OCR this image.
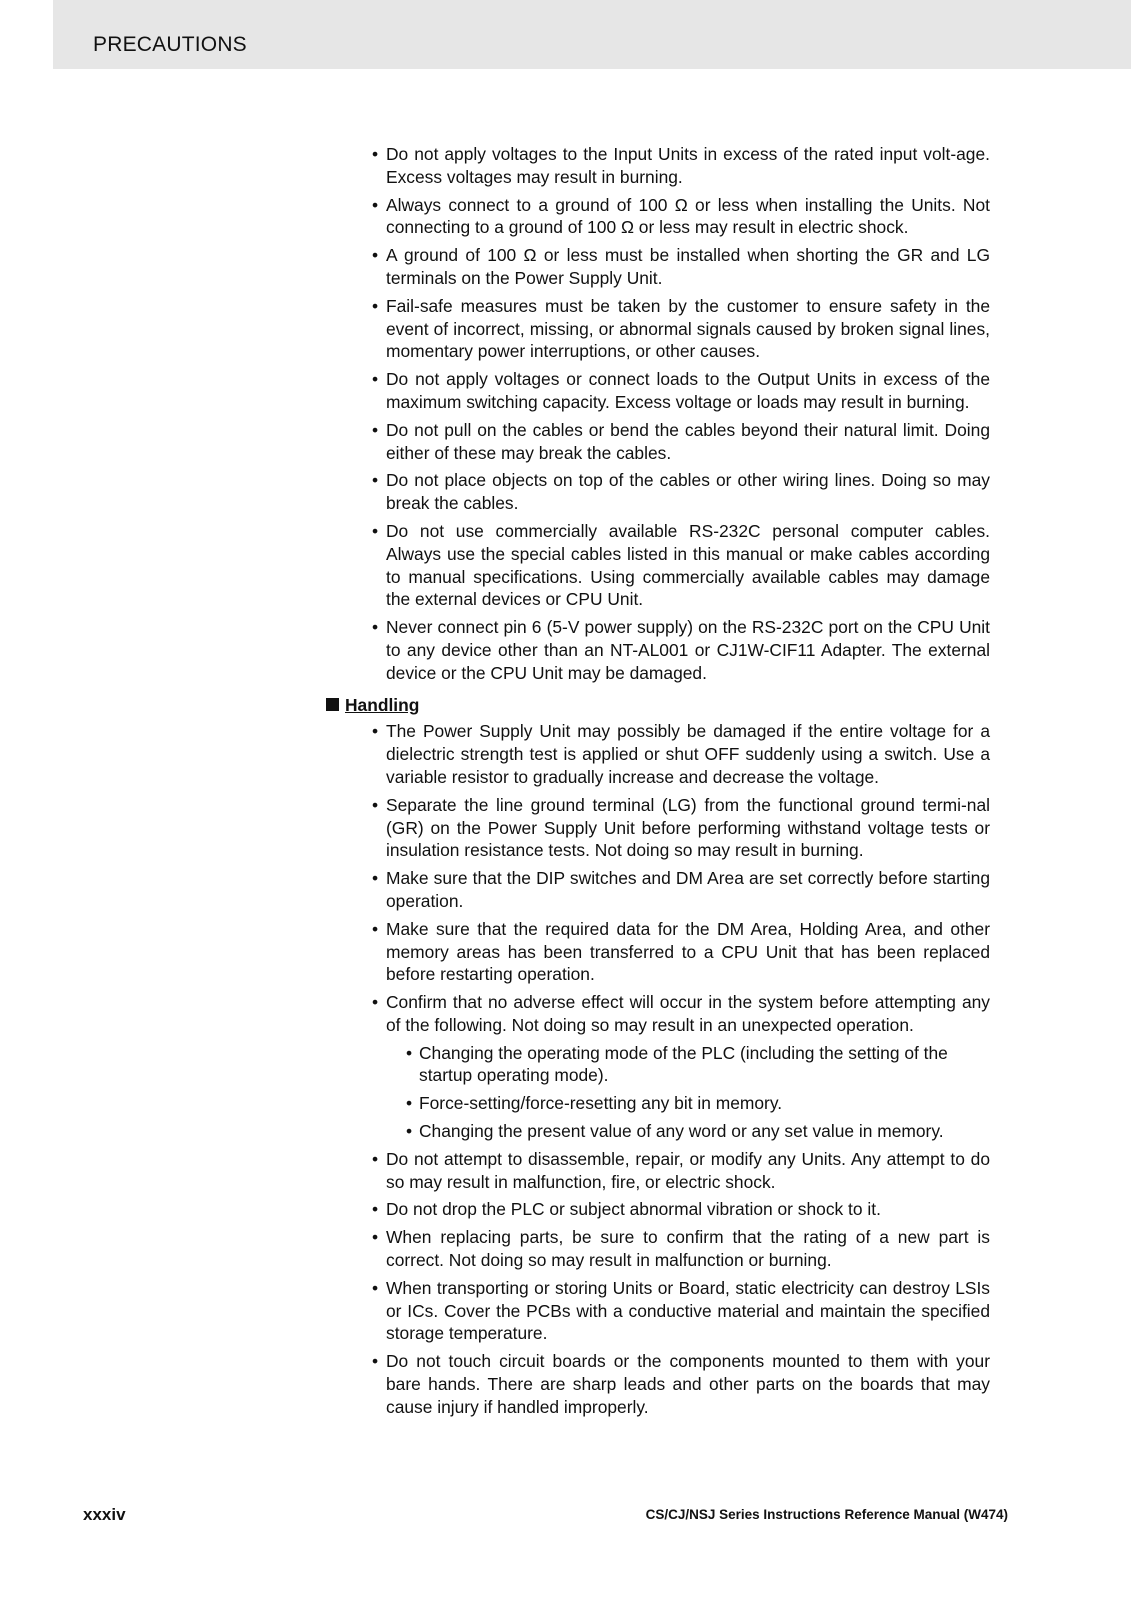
PRECAUTIONS
• Do not apply voltages to the Input Units in excess of the rated input volt-age. Excess voltages may result in burning.
• Always connect to a ground of 100 Ω or less when installing the Units. Not connecting to a ground of 100 Ω or less may result in electric shock.
• A ground of 100 Ω or less must be installed when shorting the GR and LG terminals on the Power Supply Unit.
• Fail-safe measures must be taken by the customer to ensure safety in the event of incorrect, missing, or abnormal signals caused by broken signal lines, momentary power interruptions, or other causes.
• Do not apply voltages or connect loads to the Output Units in excess of the maximum switching capacity. Excess voltage or loads may result in burning.
• Do not pull on the cables or bend the cables beyond their natural limit. Doing either of these may break the cables.
• Do not place objects on top of the cables or other wiring lines. Doing so may break the cables.
• Do not use commercially available RS-232C personal computer cables. Always use the special cables listed in this manual or make cables according to manual specifications. Using commercially available cables may damage the external devices or CPU Unit.
• Never connect pin 6 (5-V power supply) on the RS-232C port on the CPU Unit to any device other than an NT-AL001 or CJ1W-CIF11 Adapter. The external device or the CPU Unit may be damaged.
Handling
• The Power Supply Unit may possibly be damaged if the entire voltage for a dielectric strength test is applied or shut OFF suddenly using a switch. Use a variable resistor to gradually increase and decrease the voltage.
• Separate the line ground terminal (LG) from the functional ground termi-nal (GR) on the Power Supply Unit before performing withstand voltage tests or insulation resistance tests. Not doing so may result in burning.
• Make sure that the DIP switches and DM Area are set correctly before starting operation.
• Make sure that the required data for the DM Area, Holding Area, and other memory areas has been transferred to a CPU Unit that has been replaced before restarting operation.
• Confirm that no adverse effect will occur in the system before attempting any of the following. Not doing so may result in an unexpected operation.
• Changing the operating mode of the PLC (including the setting of the startup operating mode).
• Force-setting/force-resetting any bit in memory.
• Changing the present value of any word or any set value in memory.
• Do not attempt to disassemble, repair, or modify any Units. Any attempt to do so may result in malfunction, fire, or electric shock.
• Do not drop the PLC or subject abnormal vibration or shock to it.
• When replacing parts, be sure to confirm that the rating of a new part is correct. Not doing so may result in malfunction or burning.
• When transporting or storing Units or Board, static electricity can destroy LSIs or ICs. Cover the PCBs with a conductive material and maintain the specified storage temperature.
• Do not touch circuit boards or the components mounted to them with your bare hands. There are sharp leads and other parts on the boards that may cause injury if handled improperly.
xxxiv	CS/CJ/NSJ Series Instructions Reference Manual (W474)
